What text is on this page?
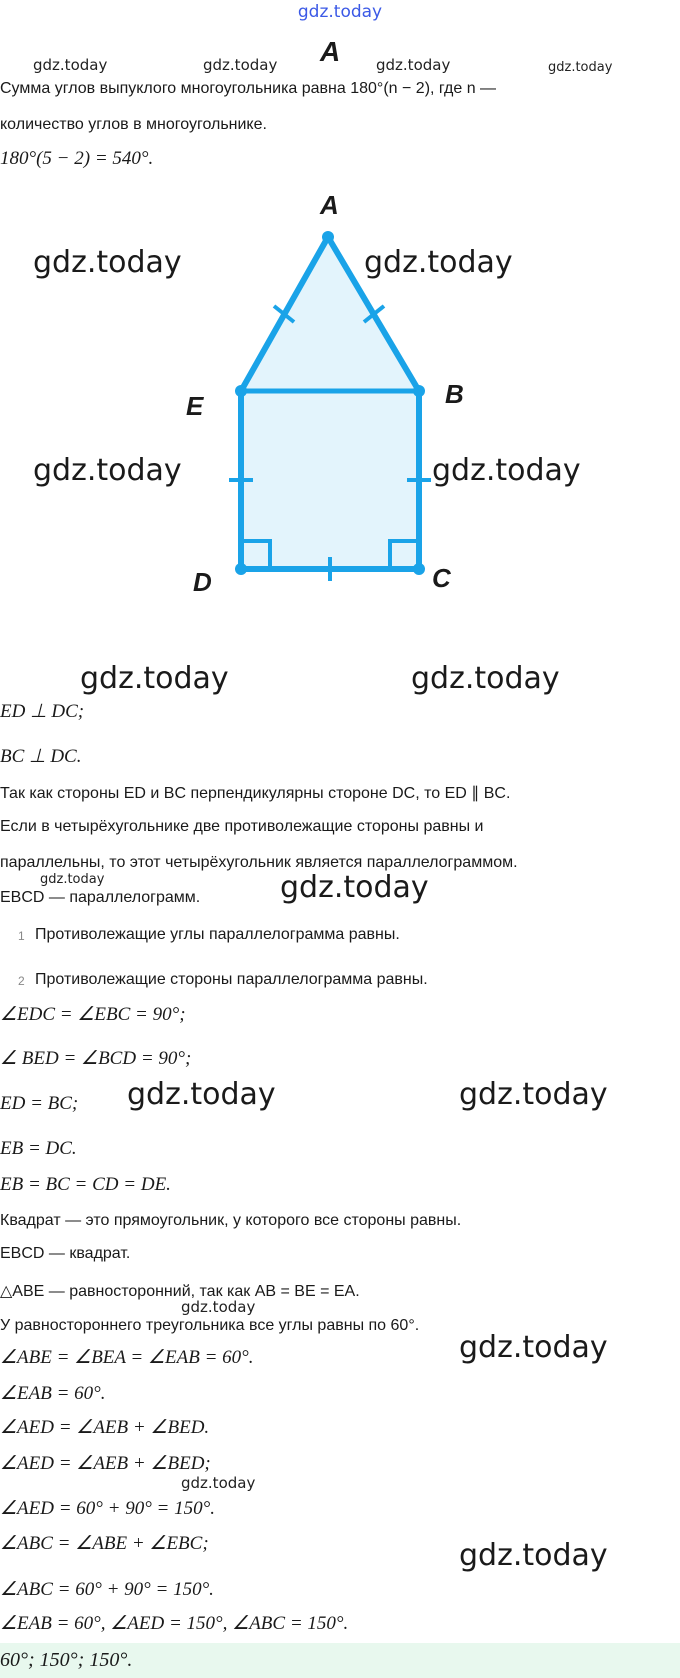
gdz.today
gdz.today	gdz.today	gdz.today	gdz.today
A
Сумма углов выпуклого многоугольника равна 180°(n − 2), где n —
количество углов в многоугольнике.
180°(5 − 2) = 540°.
A
B
C
D
E
gdz.today	gdz.today
gdz.today	gdz.today
gdz.today	gdz.today
ED ⊥ DC;
BC ⊥ DC.
Так как стороны ED и BC перпендикулярны стороне DC, то ED ∥ BC.
Если в четырёхугольнике две противолежащие стороны равны и
параллельны, то этот четырёхугольник является параллелограммом.
gdz.today
EBCD — параллелограмм.	gdz.today
1 Противолежащие углы параллелограмма равны.
2 Противолежащие стороны параллелограмма равны.
∠EDC = ∠EBC = 90°;
∠ BED = ∠BCD = 90°;
ED = BC; gdz.today	gdz.today
EB = DC.
EB = BC = CD = DE.
Квадрат — это прямоугольник, у которого все стороны равны.
EBCD — квадрат.
△ABE — равносторонний, так как AB = BE = EA.
gdz.today
У равностороннего треугольника все углы равны по 60°.
∠ABE = ∠BEA = ∠EAB = 60°.	gdz.today
∠EAB = 60°.
∠AED = ∠AEB + ∠BED.
∠AED = ∠AEB + ∠BED;
gdz.today
∠AED = 60° + 90° = 150°.
∠ABC = ∠ABE + ∠EBC;	gdz.today
∠ABC = 60° + 90° = 150°.
∠EAB = 60°, ∠AED = 150°, ∠ABC = 150°.
60°; 150°; 150°.
